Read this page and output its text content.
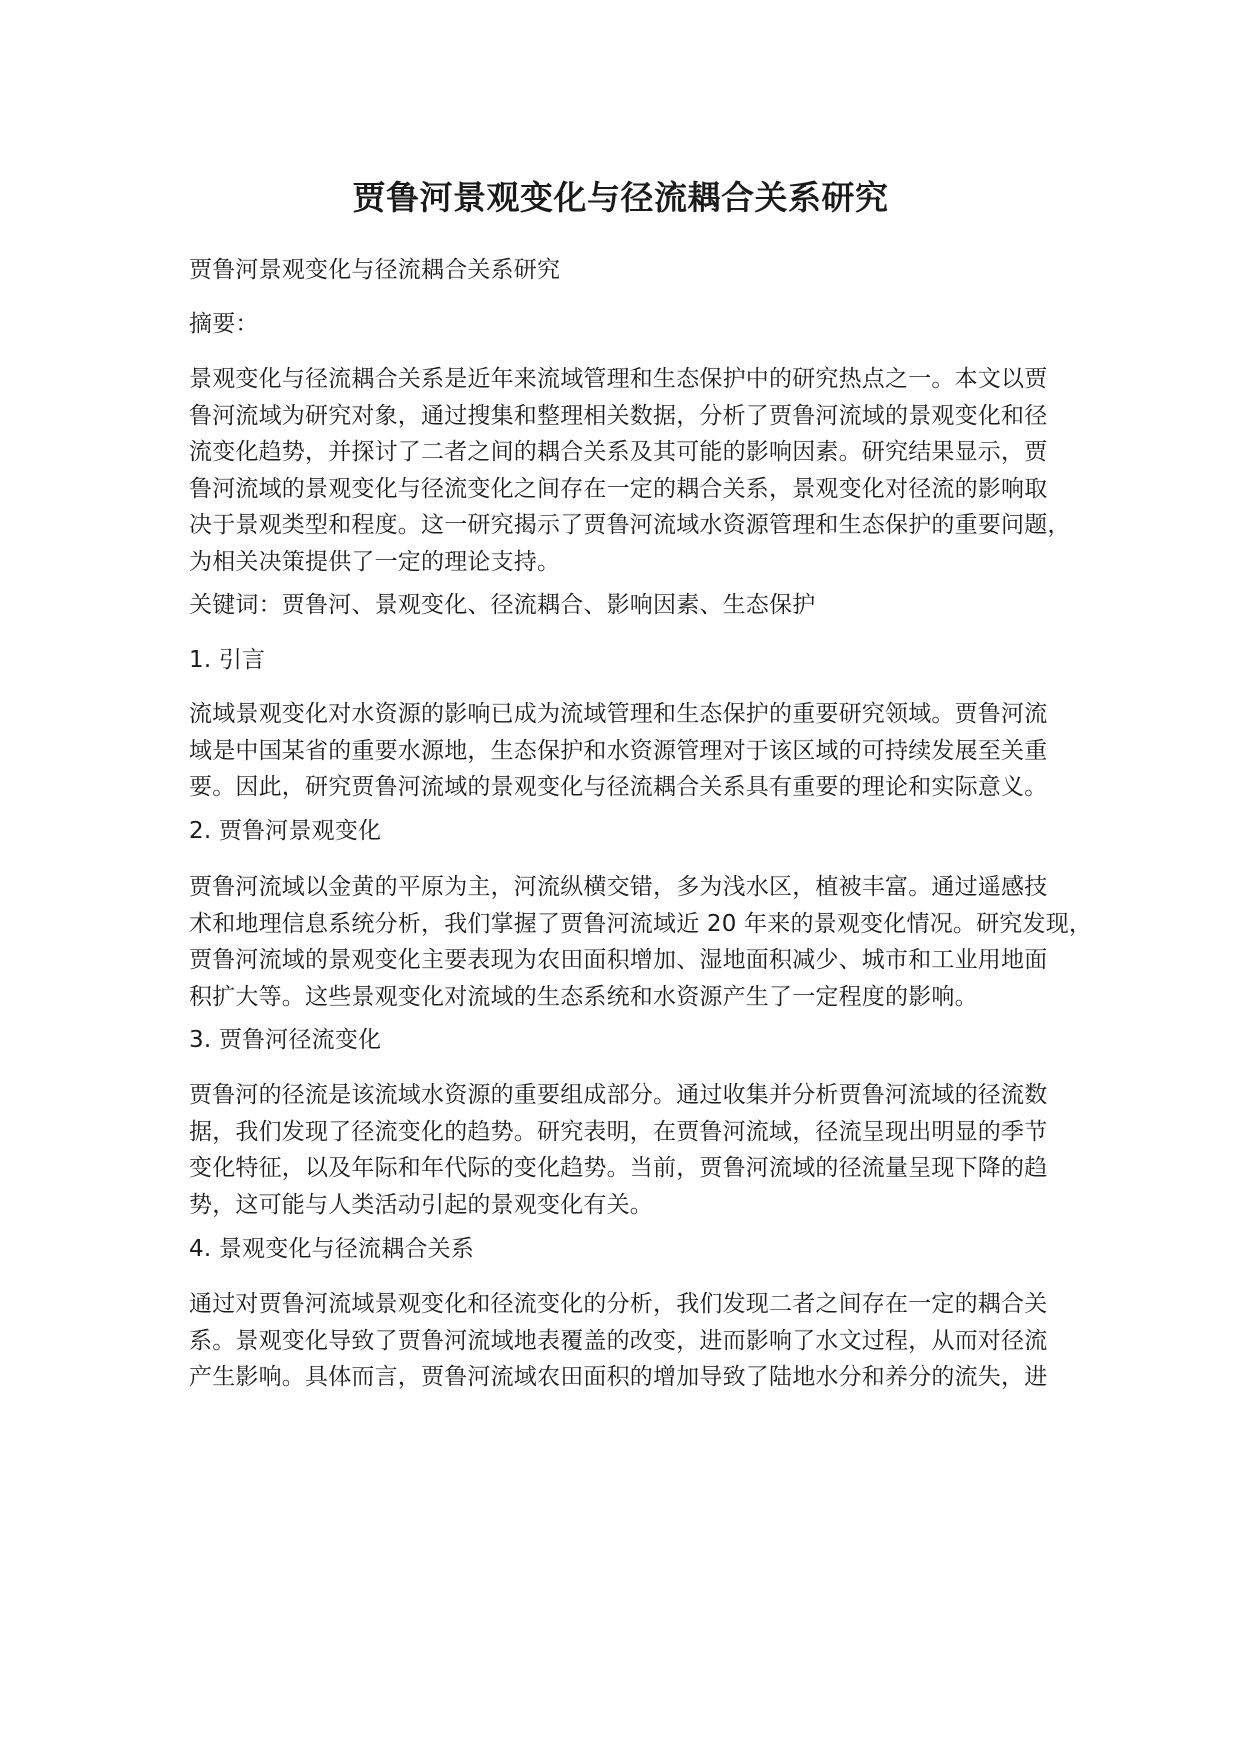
贾鲁河景观变化与径流耦合关系研究
贾鲁河景观变化与径流耦合关系研究
摘要：
景观变化与径流耦合关系是近年来流域管理和生态保护中的研究热点之一。本文以贾
鲁河流域为研究对象，通过搜集和整理相关数据，分析了贾鲁河流域的景观变化和径
流变化趋势，并探讨了二者之间的耦合关系及其可能的影响因素。研究结果显示，贾
鲁河流域的景观变化与径流变化之间存在一定的耦合关系，景观变化对径流的影响取
决于景观类型和程度。这一研究揭示了贾鲁河流域水资源管理和生态保护的重要问题，
为相关决策提供了一定的理论支持。
关键词：贾鲁河、景观变化、径流耦合、影响因素、生态保护
1. 引言
流域景观变化对水资源的影响已成为流域管理和生态保护的重要研究领域。贾鲁河流
域是中国某省的重要水源地，生态保护和水资源管理对于该区域的可持续发展至关重
要。因此，研究贾鲁河流域的景观变化与径流耦合关系具有重要的理论和实际意义。
2. 贾鲁河景观变化
贾鲁河流域以金黄的平原为主，河流纵横交错，多为浅水区，植被丰富。通过遥感技
术和地理信息系统分析，我们掌握了贾鲁河流域近 20 年来的景观变化情况。研究发现，
贾鲁河流域的景观变化主要表现为农田面积增加、湿地面积减少、城市和工业用地面
积扩大等。这些景观变化对流域的生态系统和水资源产生了一定程度的影响。
3. 贾鲁河径流变化
贾鲁河的径流是该流域水资源的重要组成部分。通过收集并分析贾鲁河流域的径流数
据，我们发现了径流变化的趋势。研究表明，在贾鲁河流域，径流呈现出明显的季节
变化特征，以及年际和年代际的变化趋势。当前，贾鲁河流域的径流量呈现下降的趋
势，这可能与人类活动引起的景观变化有关。
4. 景观变化与径流耦合关系
通过对贾鲁河流域景观变化和径流变化的分析，我们发现二者之间存在一定的耦合关
系。景观变化导致了贾鲁河流域地表覆盖的改变，进而影响了水文过程，从而对径流
产生影响。具体而言，贾鲁河流域农田面积的增加导致了陆地水分和养分的流失，进
